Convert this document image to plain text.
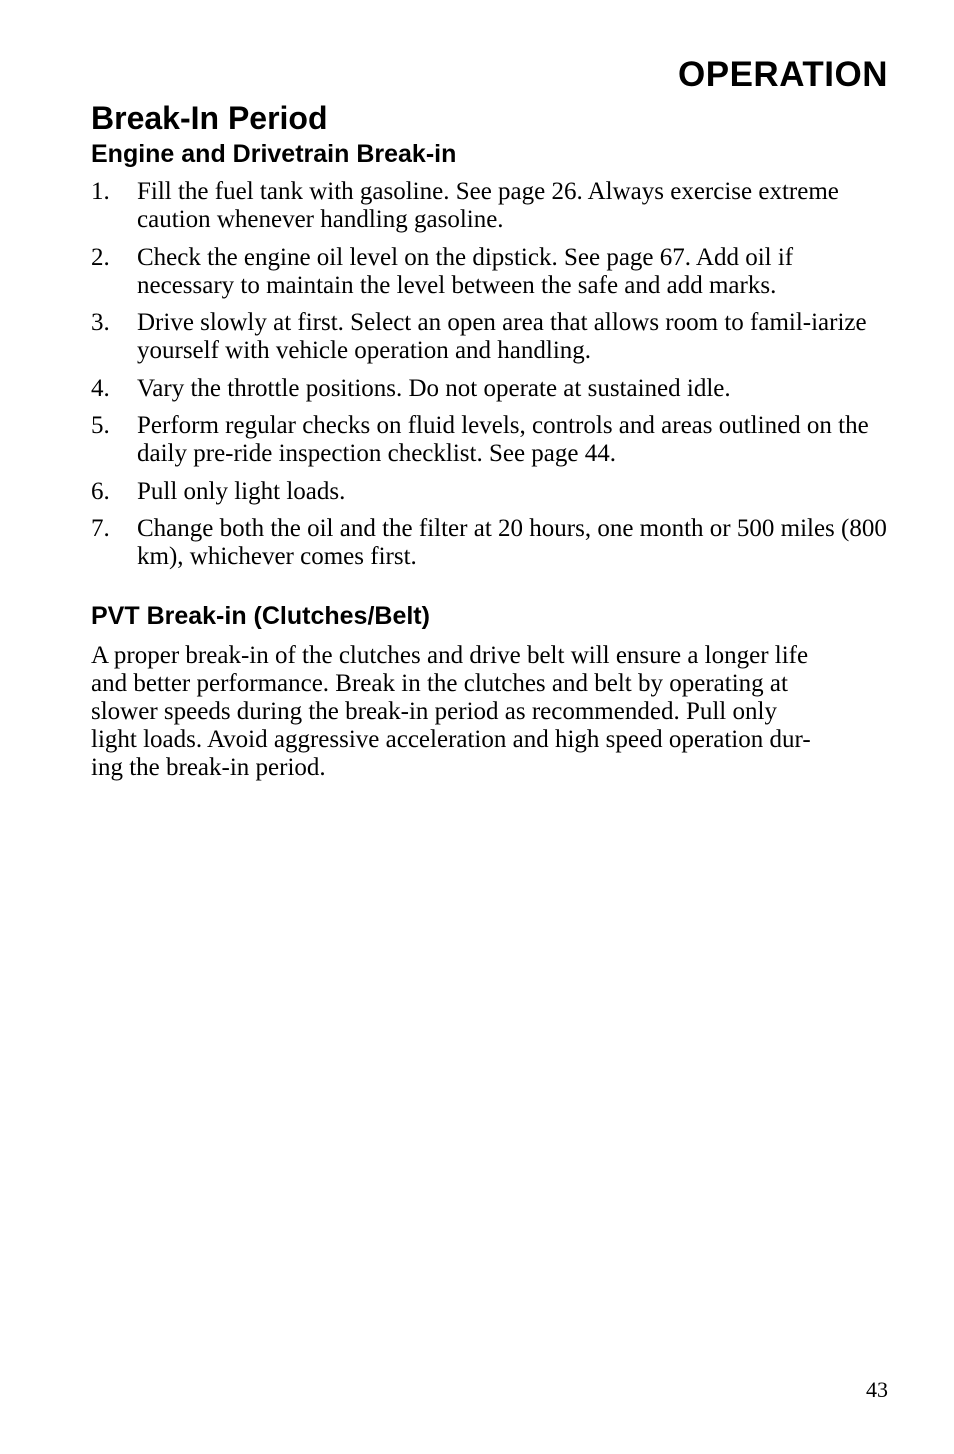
OPERATION
Break-In Period
Engine and Drivetrain Break-in
1. Fill the fuel tank with gasoline. See page 26. Always exercise extreme caution whenever handling gasoline.
2. Check the engine oil level on the dipstick. See page 67. Add oil if necessary to maintain the level between the safe and add marks.
3. Drive slowly at first. Select an open area that allows room to famil-iarize yourself with vehicle operation and handling.
4. Vary the throttle positions. Do not operate at sustained idle.
5. Perform regular checks on fluid levels, controls and areas outlined on the daily pre-ride inspection checklist. See page 44.
6. Pull only light loads.
7. Change both the oil and the filter at 20 hours, one month or 500 miles (800 km), whichever comes first.
PVT Break-in (Clutches/Belt)

A proper break-in of the clutches and drive belt will ensure a longer life
and better performance. Break in the clutches and belt by operating at
slower speeds during the break-in period as recommended. Pull only
light loads. Avoid aggressive acceleration and high speed operation dur-
ing the break-in period.

43
